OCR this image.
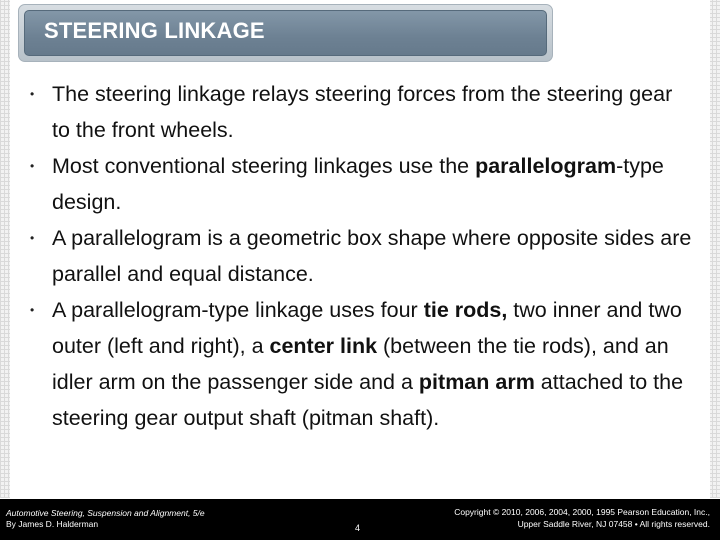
STEERING LINKAGE
• The steering linkage relays steering forces from the steering gear to the front wheels.
• Most conventional steering linkages use the parallelogram-type design.
• A parallelogram is a geometric box shape where opposite sides are parallel and equal distance.
• A parallelogram-type linkage uses four tie rods, two inner and two outer (left and right), a center link (between the tie rods), and an idler arm on the passenger side and a pitman arm attached to the steering gear output shaft (pitman shaft).
Automotive Steering, Suspension and Alignment, 5/e
By James D. Halderman	4
Copyright © 2010, 2006, 2004, 2000, 1995 Pearson Education, Inc.,
Upper Saddle River, NJ 07458 • All rights reserved.
